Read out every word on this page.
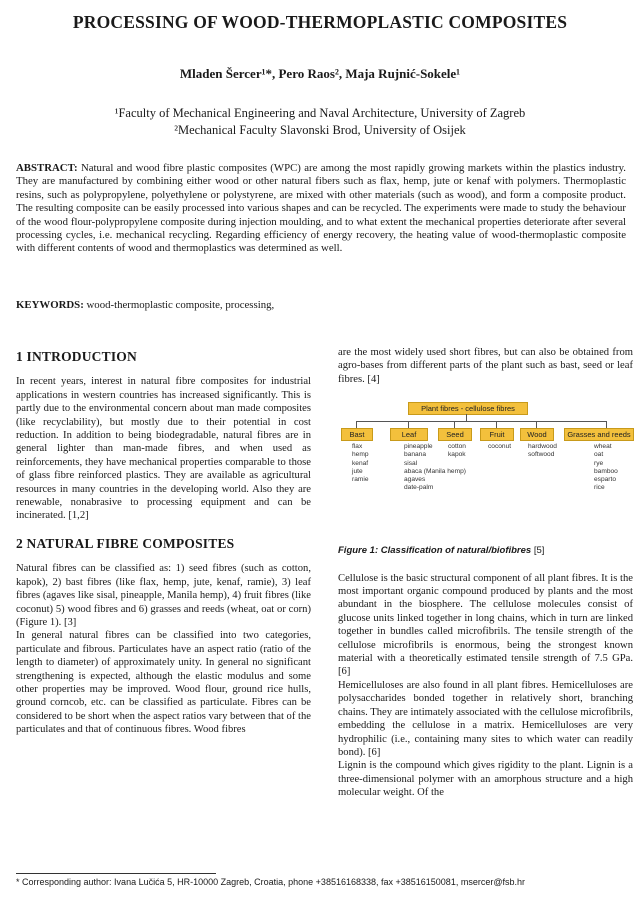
PROCESSING OF WOOD-THERMOPLASTIC COMPOSITES
Mladen Šercer¹*, Pero Raos², Maja Rujnić-Sokele¹
¹Faculty of Mechanical Engineering and Naval Architecture, University of Zagreb
²Mechanical Faculty Slavonski Brod, University of Osijek

ABSTRACT: Natural and wood fibre plastic composites (WPC) are among the most rapidly growing markets within the plastics industry. They are manufactured by combining either wood or other natural fibers such as flax, hemp, jute or kenaf with polymers. Thermoplastic resins, such as polypropylene, polyethylene or polystyrene, are mixed with other materials (such as wood), and form a composite product. The resulting composite can be easily processed into various shapes and can be recycled. The experiments were made to study the behaviour of the wood flour-polypropylene composite during injection moulding, and to what extent the mechanical properties deteriorate after several processing cycles, i.e. mechanical recycling. Regarding efficiency of energy recovery, the heating value of wood-thermoplastic composite with different contents of wood and thermoplastics was determined as well.

KEYWORDS: wood-thermoplastic composite, processing,

1 INTRODUCTION

In recent years, interest in natural fibre composites for industrial applications in western countries has increased significantly. This is partly due to the environmental concern about man made composites (like recyclability), but mostly due to their potential in cost reduction. In addition to being biodegradable, natural fibres are in general lighter than man-made fibres, and when used as reinforcements, they have mechanical properties comparable to those of glass fibre reinforced plastics. They are available as agricultural resources in many countries in the developing world. Also they are renewable, nonabrasive to processing equipment and can be incinerated. [1,2]

2 NATURAL FIBRE COMPOSITES

Natural fibres can be classified as: 1) seed fibres (such as cotton, kapok), 2) bast fibres (like flax, hemp, jute, kenaf, ramie), 3) leaf fibres (agaves like sisal, pineapple, Manila hemp), 4) fruit fibres (like coconut) 5) wood fibres and 6) grasses and reeds (wheat, oat or corn) (Figure 1). [3]

In general natural fibres can be classified into two categories, particulate and fibrous. Particulates have an aspect ratio (ratio of the length to diameter) of approximately unity. In general no significant strengthening is expected, although the elastic modulus and some other properties may be improved. Wood flour, ground rice hulls, ground corncob, etc. can be classified as particulate. Fibres can be considered to be short when the aspect ratios vary between that of the particulates and that of continuous fibres. Wood fibres

are the most widely used short fibres, but can also be obtained from agro-bases from different parts of the plant such as bast, seed or leaf fibres. [4]

Plant fibres - cellulose fibres
Bast	Leaf	Seed	Fruit	Wood	Grasses and reeds
flax
hemp
kenaf
jute
ramie
pineapple
banana
sisal
abaca (Manila hemp)
agaves
date-palm
cotton
kapok
coconut	hardwood
softwood
wheat
oat
rye
bamboo
esparto
rice
Figure 1: Classification of natural/biofibres [5]

Cellulose is the basic structural component of all plant fibres. It is the most important organic compound produced by plants and the most abundant in the biosphere. The cellulose molecules consist of glucose units linked together in long chains, which in turn are linked together in bundles called microfibrils. The tensile strength of the cellulose microfibrils is enormous, being the strongest known material with a theoretically estimated tensile strength of 7.5 GPa. [6]

Hemicelluloses are also found in all plant fibres. Hemicelluloses are polysaccharides bonded together in relatively short, branching chains. They are intimately associated with the cellulose microfibrils, embedding the cellulose in a matrix. Hemicelluloses are very hydrophilic (i.e., containing many sites to which water can readily bond). [6]

Lignin is the compound which gives rigidity to the plant. Lignin is a three-dimensional polymer with an amorphous structure and a high molecular weight. Of the

* Corresponding author: Ivana Lučića 5, HR-10000 Zagreb, Croatia, phone +38516168338, fax +38516150081, msercer@fsb.hr
